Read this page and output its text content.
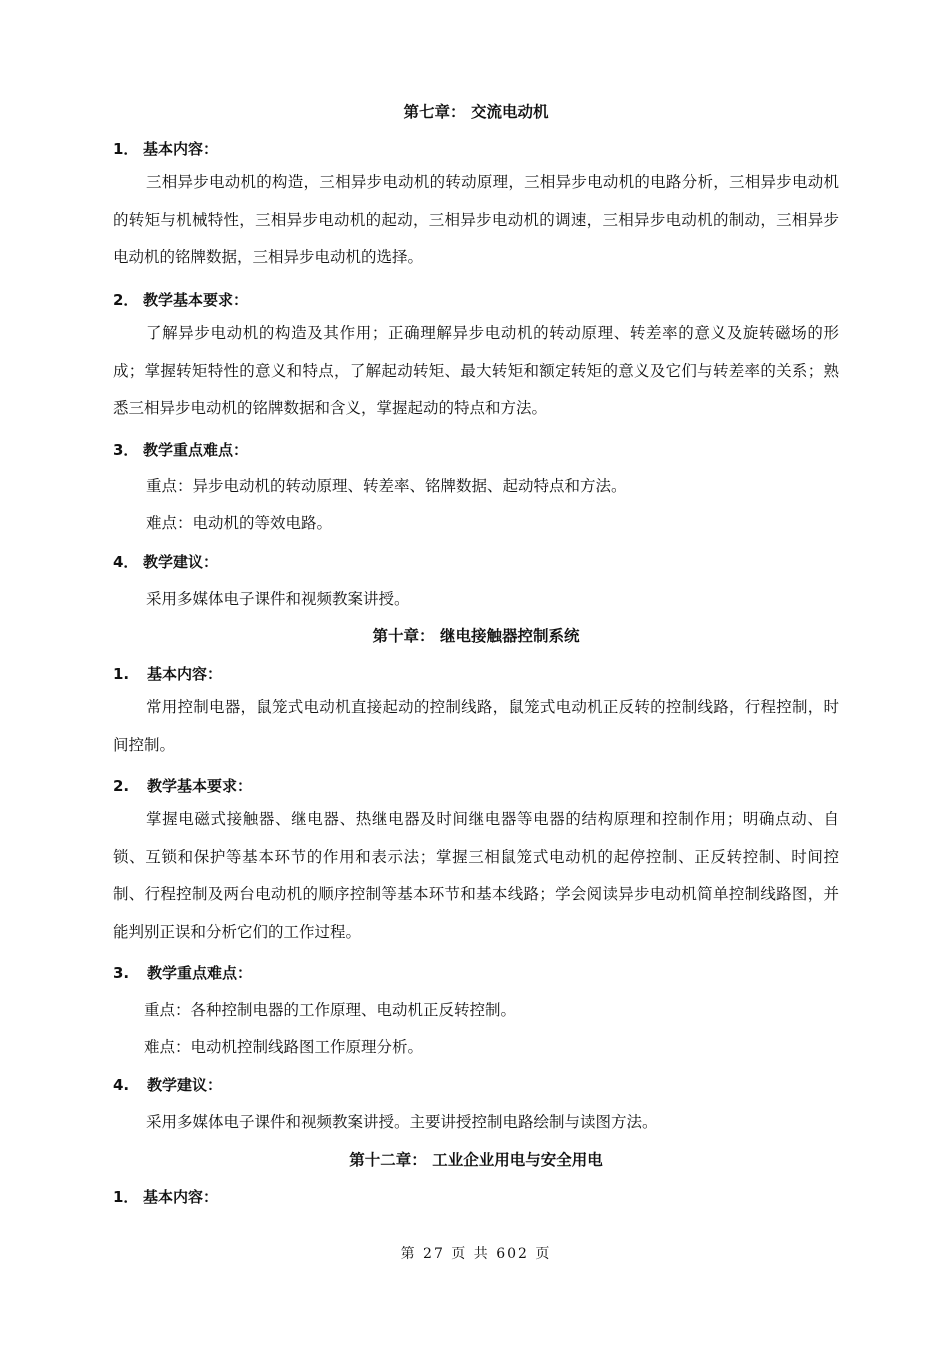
第七章： 交流电动机
1． 基本内容：

三相异步电动机的构造，三相异步电动机的转动原理，三相异步电动机的电路分析，三相异步电动机的转矩与机械特性，三相异步电动机的起动，三相异步电动机的调速，三相异步电动机的制动，三相异步电动机的铭牌数据，三相异步电动机的选择。

2． 教学基本要求：

了解异步电动机的构造及其作用；正确理解异步电动机的转动原理、转差率的意义及旋转磁场的形成；掌握转矩特性的意义和特点，了解起动转矩、最大转矩和额定转矩的意义及它们与转差率的关系；熟悉三相异步电动机的铭牌数据和含义，掌握起动的特点和方法。

3． 教学重点难点：
重点：异步电动机的转动原理、转差率、铭牌数据、起动特点和方法。
难点：电动机的等效电路。
4． 教学建议：
采用多媒体电子课件和视频教案讲授。
第十章： 继电接触器控制系统
1. 基本内容：

常用控制电器，鼠笼式电动机直接起动的控制线路，鼠笼式电动机正反转的控制线路，行程控制，时间控制。

2. 教学基本要求：

掌握电磁式接触器、继电器、热继电器及时间继电器等电器的结构原理和控制作用；明确点动、自锁、互锁和保护等基本环节的作用和表示法；掌握三相鼠笼式电动机的起停控制、正反转控制、时间控制、行程控制及两台电动机的顺序控制等基本环节和基本线路；学会阅读异步电动机简单控制线路图，并能判别正误和分析它们的工作过程。

3. 教学重点难点：
重点：各种控制电器的工作原理、电动机正反转控制。
难点：电动机控制线路图工作原理分析。
4. 教学建议：
采用多媒体电子课件和视频教案讲授。主要讲授控制电路绘制与读图方法。
第十二章： 工业企业用电与安全用电
1． 基本内容：
第 27 页 共 602 页
